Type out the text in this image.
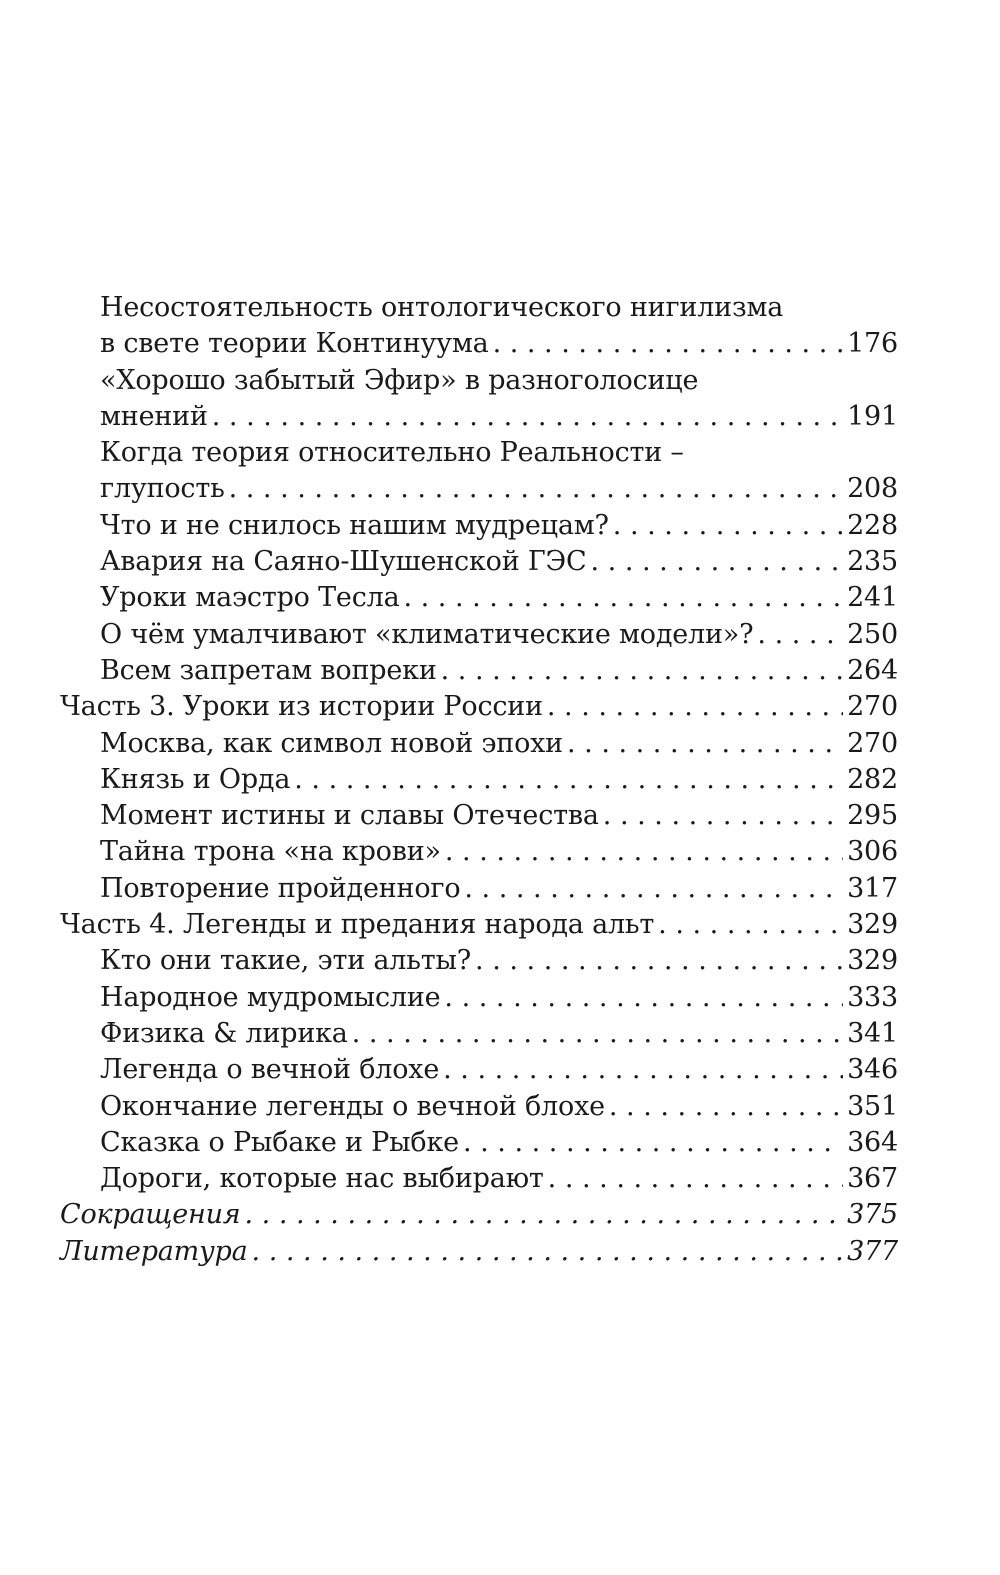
Несостоятельность онтологического нигилизма
в свете теории Континуума . . .	176
«Хорошо забытый Эфир» в разноголосице
мнений . . .	191
Когда теория относительно Реальности –
глупость . . .	208
Что и не снилось нашим мудрецам? . . .	228
Авария на Саяно-Шушенской ГЭС . . .	235
Уроки маэстро Тесла . . .	241
О чём умалчивают «климатические модели»? . . .	250
Всем запретам вопреки . . .	264
Часть 3. Уроки из истории России . . .	270
Москва, как символ новой эпохи . . .	270
Князь и Орда . . .	282
Момент истины и славы Отечества . . .	295
Тайна трона «на крови» . . .	306
Повторение пройденного . . .	317
Часть 4. Легенды и предания народа альт . . .	329
Кто они такие, эти альты? . . .	329
Народное мудромыслие . . .	333
Физика & лирика . . .	341
Легенда о вечной блохе . . .	346
Окончание легенды о вечной блохе . . .	351
Сказка о Рыбаке и Рыбке . . .	364
Дороги, которые нас выбирают . . .	367
Сокращения . . .	375
Литература . . .	377
